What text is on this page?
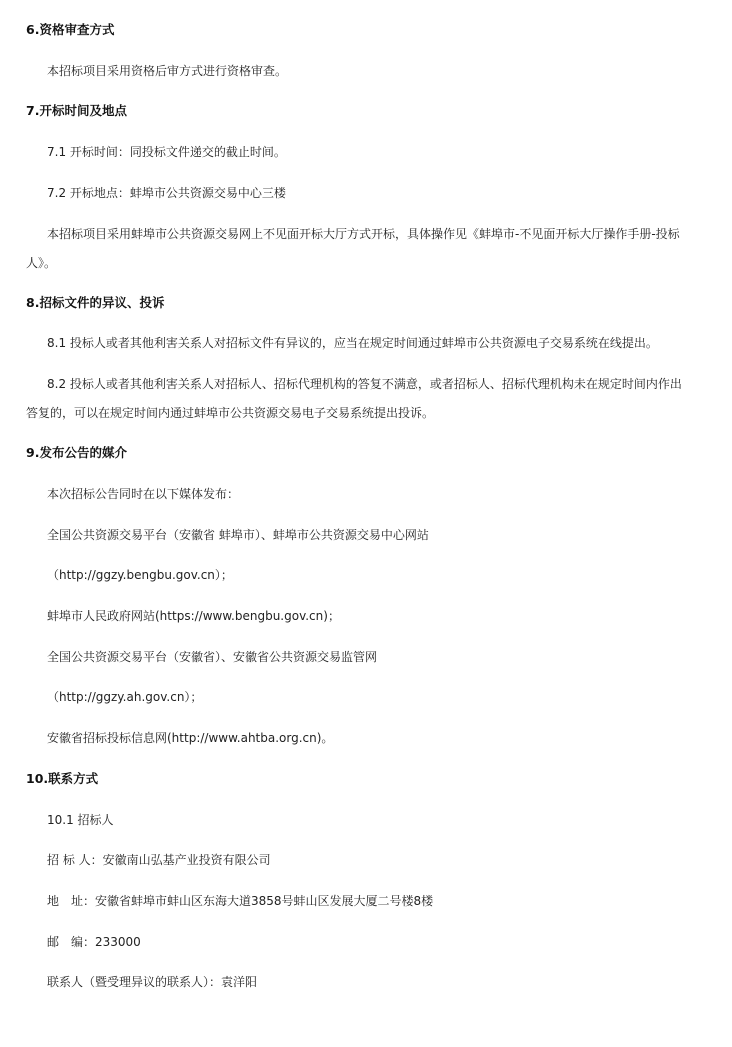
6.资格审查方式
本招标项目采用资格后审方式进行资格审查。
7.开标时间及地点
7.1 开标时间：同投标文件递交的截止时间。
7.2 开标地点：蚌埠市公共资源交易中心三楼
本招标项目采用蚌埠市公共资源交易网上不见面开标大厅方式开标，具体操作见《蚌埠市-不见面开标大厅操作手册-投标
人》。
8.招标文件的异议、投诉
8.1 投标人或者其他利害关系人对招标文件有异议的，应当在规定时间通过蚌埠市公共资源电子交易系统在线提出。
8.2 投标人或者其他利害关系人对招标人、招标代理机构的答复不满意，或者招标人、招标代理机构未在规定时间内作出
答复的，可以在规定时间内通过蚌埠市公共资源交易电子交易系统提出投诉。
9.发布公告的媒介
本次招标公告同时在以下媒体发布：
全国公共资源交易平台（安徽省 蚌埠市）、蚌埠市公共资源交易中心网站
（http://ggzy.bengbu.gov.cn）；
蚌埠市人民政府网站(https://www.bengbu.gov.cn)；
全国公共资源交易平台（安徽省）、安徽省公共资源交易监管网
（http://ggzy.ah.gov.cn）；
安徽省招标投标信息网(http://www.ahtba.org.cn)。
10.联系方式
10.1 招标人
招 标 人：安徽南山弘基产业投资有限公司
地　址：安徽省蚌埠市蚌山区东海大道3858号蚌山区发展大厦二号楼8楼
邮　编：233000
联系人（暨受理异议的联系人）：袁洋阳
